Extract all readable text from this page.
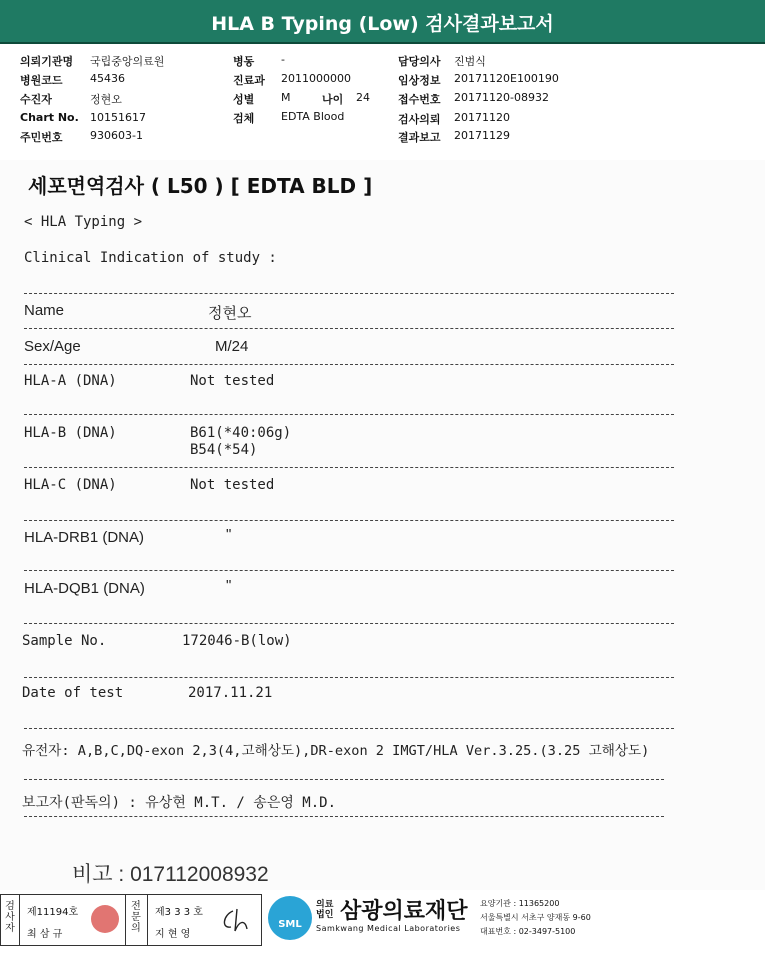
HLA B Typing (Low) 검사결과보고서
의뢰기관명 국립중앙의료원
병원코드 45436
수진자	정현오
Chart No. 10151617
주민번호 930603-1
병동 -
진료과 2011000000
성별 M	나이 24
검체 EDTA Blood
담당의사 진범식
임상정보 20171120E100190
접수번호 20171120-08932
검사의뢰 20171120
결과보고 20171129
세포면역검사 ( L50 ) [ EDTA BLD ]
< HLA Typing >
Clinical Indication of study :
Name	정현오
Sex/Age	M/24
HLA-A (DNA)	Not tested
HLA-B (DNA)	B61(*40:06g)
B54(*54)
HLA-C (DNA)	Not tested
HLA-DRB1 (DNA)	"
HLA-DQB1 (DNA)	"
Sample No.	172046-B(low)
Date of test	2017.11.21
유전자: A,B,C,DQ-exon 2,3(4,고해상도),DR-exon 2 IMGT/HLA Ver.3.25.(3.25 고해상도)
보고자(판독의) : 유상현 M.T. / 송은영 M.D.
비고 : 017112008932
검사자
제11194호
최 삼 규
전문의
제3 3 3 호
지 현 영
SML
의료법인 삼광의료재단
Samkwang Medical Laboratories
요양기관 : 11365200
서울특별시 서초구 양재동 9-60
대표번호 : 02-3497-5100
